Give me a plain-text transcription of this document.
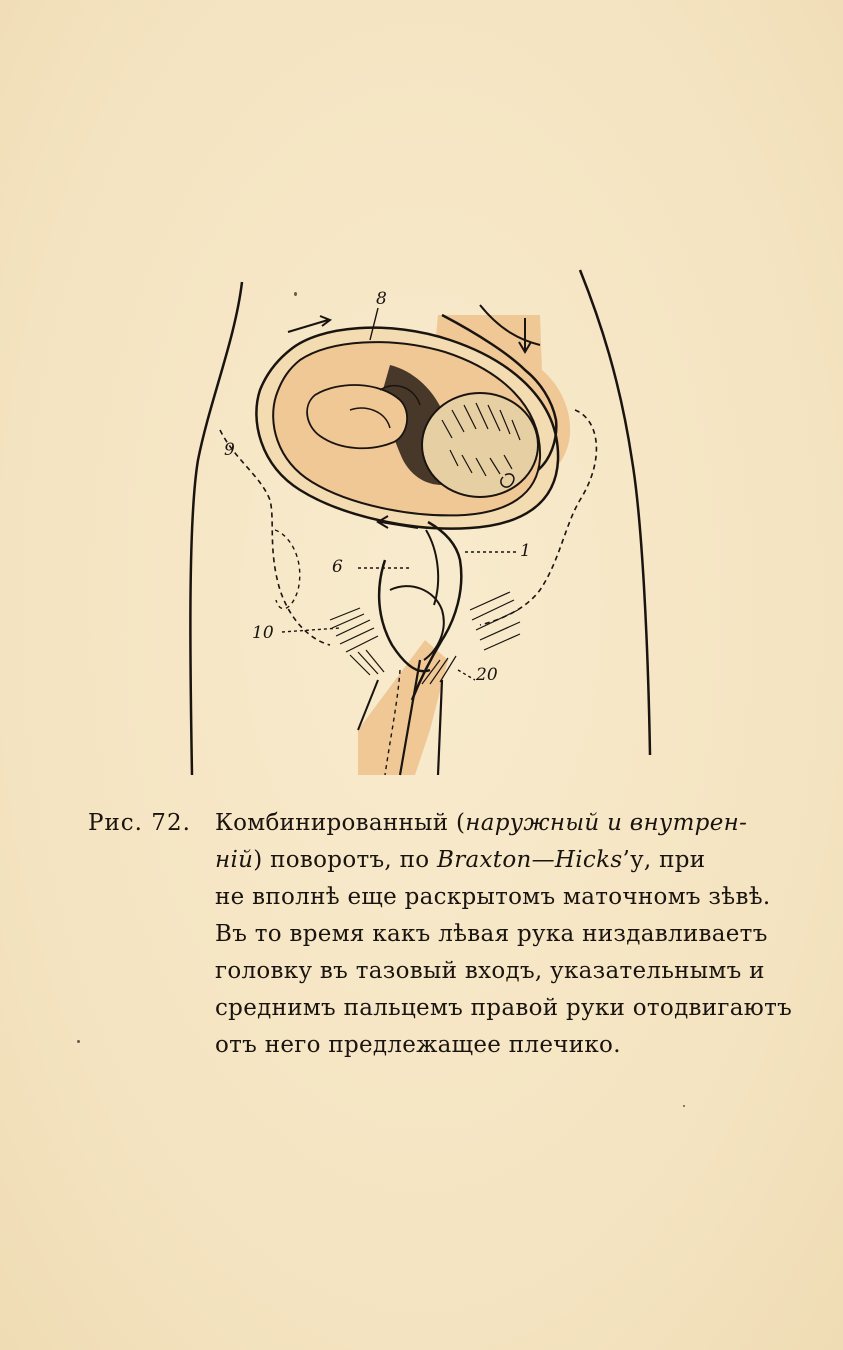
8
9
6
1
10
20
Рис. 72.	Комбинированный (наружный и внутрен-
ній) поворотъ, по Braxton—Hicks’у, при
не вполнѣ еще раскрытомъ маточномъ зѣвѣ.
Въ то время какъ лѣвая рука низдавливаетъ
головку въ тазовый входъ, указательнымъ и
среднимъ пальцемъ правой руки отодвигаютъ
отъ него предлежащее плечико.
